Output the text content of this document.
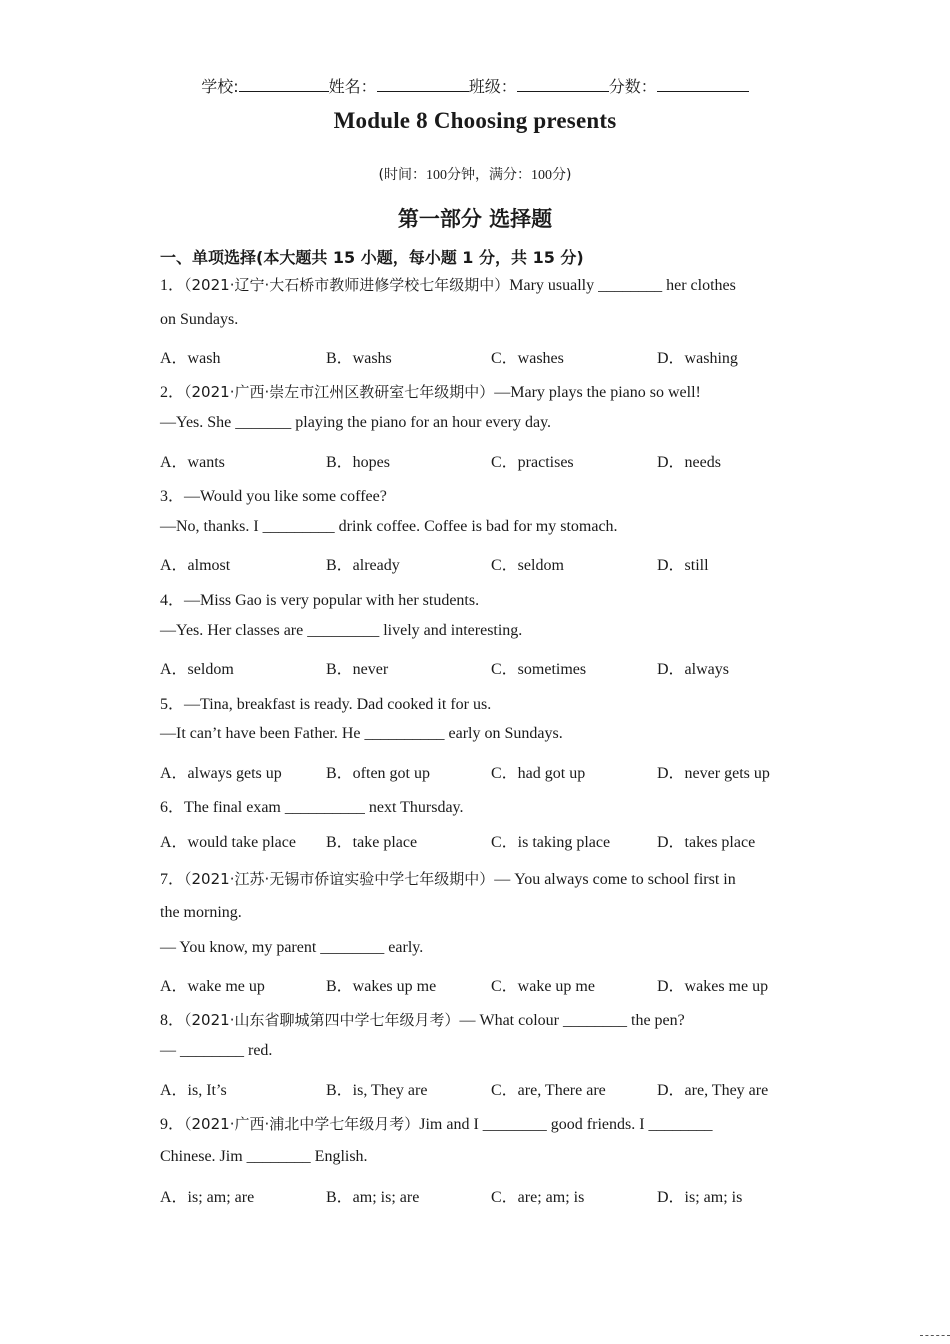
学校:	姓名：	班级：	分数：
Module 8 Choosing presents
(时间：100分钟，满分：100分)
第一部分 选择题
一、单项选择(本大题共 15 小题，每小题 1 分，共 15 分)
1．（2021·辽宁·大石桥市教师进修学校七年级期中）Mary usually ________ her clothes
on Sundays.
A．wash	B．washs	C．washes	D．washing
2．（2021·广西·崇左市江州区教研室七年级期中）—Mary plays the piano so well!
—Yes. She _______ playing the piano for an hour every day.
A．wants	B．hopes	C．practises	D．needs
3．—Would you like some coffee?
—No, thanks. I _________ drink coffee. Coffee is bad for my stomach.
A．almost	B．already	C．seldom	D．still
4．—Miss Gao is very popular with her students.
—Yes. Her classes are _________ lively and interesting.
A．seldom	B．never	C．sometimes	D．always
5．—Tina, breakfast is ready. Dad cooked it for us.
—It can’t have been Father. He __________ early on Sundays.
A．always gets up	B．often got up	C．had got up	D．never gets up
6．The final exam __________ next Thursday.
A．would take place B．take place	C．is taking place	D．takes place
7．（2021·江苏·无锡市侨谊实验中学七年级期中）— You always come to school first in
the morning.
— You know, my parent ________ early.
A．wake me up	B．wakes up me	C．wake up me	D．wakes me up
8．（2021·山东省聊城第四中学七年级月考）— What colour ________ the pen?
— ________ red.
A．is, It’s	B．is, They are	C．are, There are	D．are, They are
9．（2021·广西·浦北中学七年级月考）Jim and I ________ good friends. I ________
Chinese. Jim ________ English.
A．is; am; are	B．am; is; are	C．are; am; is	D．is; am; is
